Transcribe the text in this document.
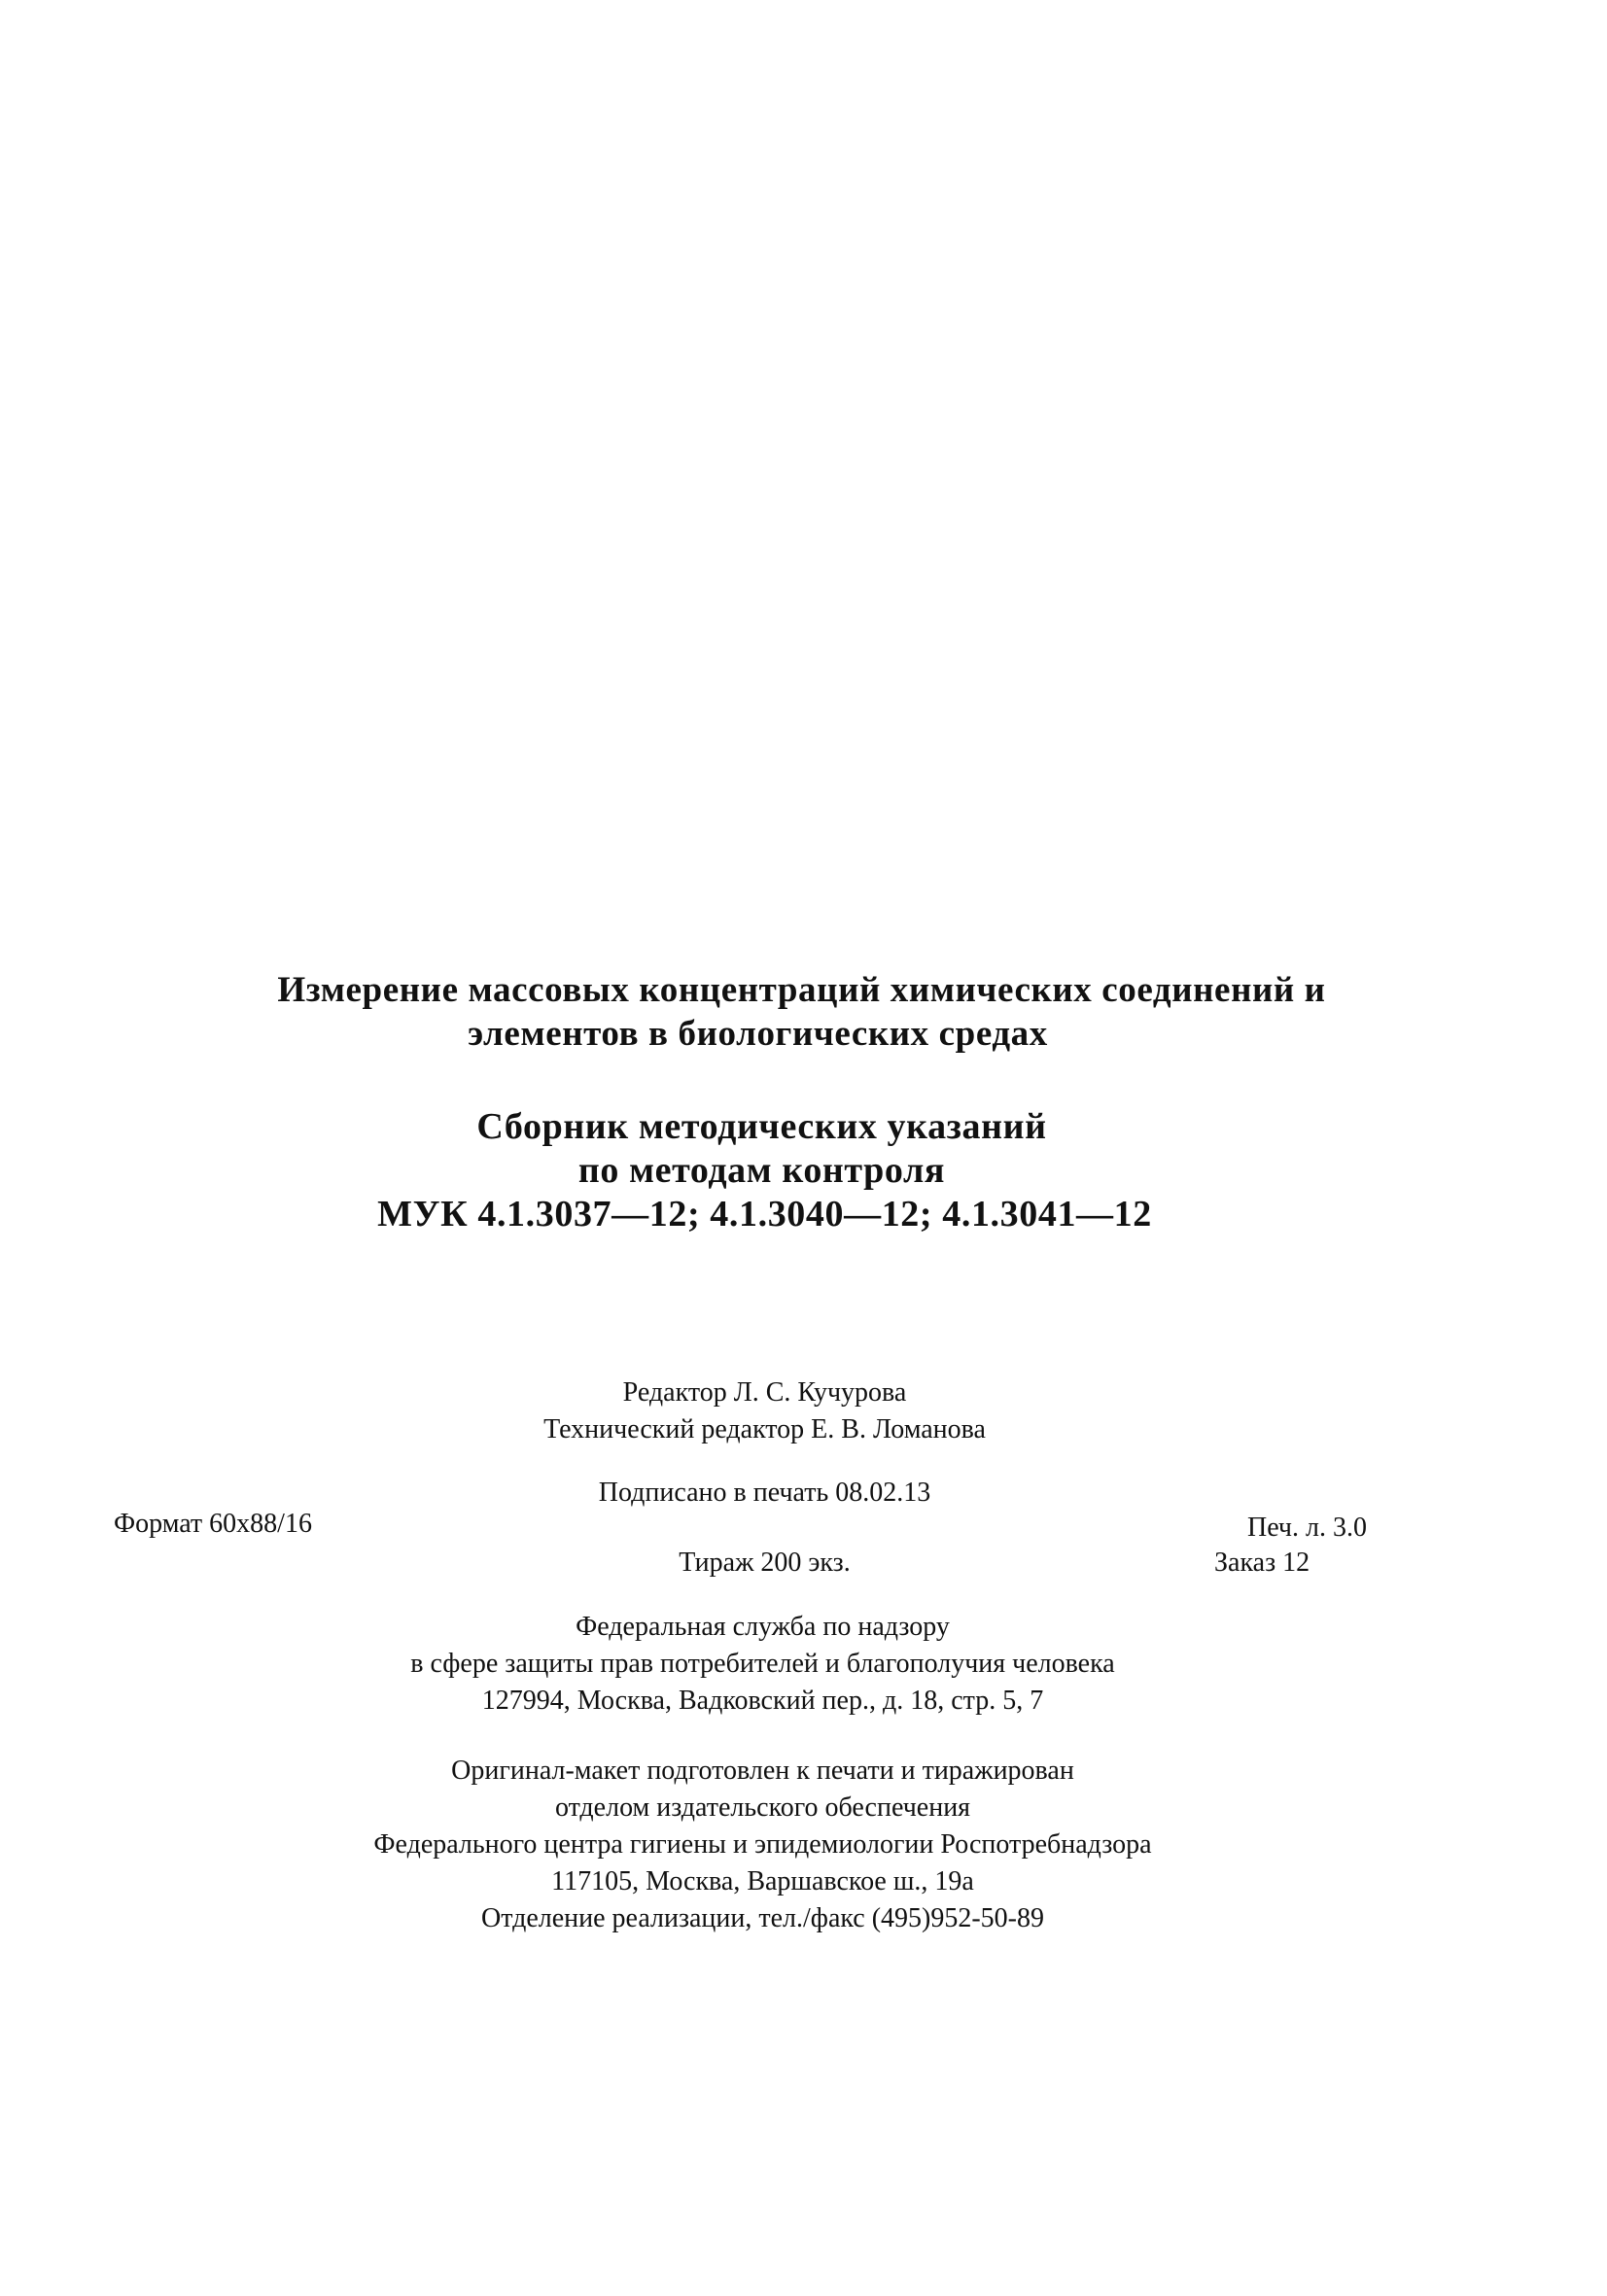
Измерение массовых концентраций химических соединений и
элементов в биологических средах
Сборник методических указаний
по методам контроля
МУК 4.1.3037—12; 4.1.3040—12; 4.1.3041—12
Редактор Л. С. Кучурова
Технический редактор Е. В. Ломанова
Подписано в печать 08.02.13
Формат 60х88/16	Печ. л. 3.0
Тираж 200 экз.	Заказ 12
Федеральная служба по надзору
в сфере защиты прав потребителей и благополучия человека
127994, Москва, Вадковский пер., д. 18, стр. 5, 7
Оригинал-макет подготовлен к печати и тиражирован
отделом издательского обеспечения
Федерального центра гигиены и эпидемиологии Роспотребнадзора
117105, Москва, Варшавское ш., 19а
Отделение реализации, тел./факс (495)952-50-89
